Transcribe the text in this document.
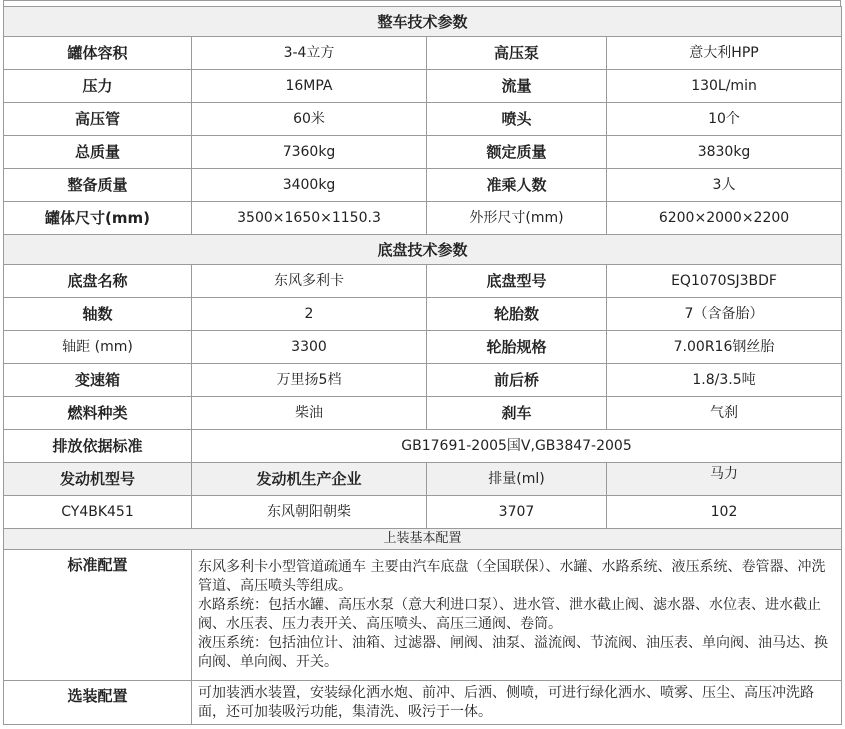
整车技术参数			
罐体容积	3-4立方	高压泵	意大利HPP
压力	16MPA	流量	130L/min
高压管	60米	喷头	10个
总质量	7360kg	额定质量	3830kg
整备质量	3400kg	准乘人数	3人
罐体尺寸(mm)	3500×1650×1150.3	外形尺寸(mm)	6200×2000×2200
底盘技术参数			
底盘名称	东风多利卡	底盘型号	EQ1070SJ3BDF
轴数	2	轮胎数	7（含备胎）
轴距 (mm)	3300	轮胎规格	7.00R16钢丝胎
变速箱	万里扬5档	前后桥	1.8/3.5吨
燃料种类	柴油	刹车	气刹
排放依据标准	GB17691-2005国Ⅴ,GB3847-2005		
发动机型号	发动机生产企业	排量(ml)	马力
CY4BK451	东风朝阳朝柴	3707	102
上装基本配置			
标准配置	东风多利卡小型管道疏通车 主要由汽车底盘（全国联保）、水罐、水路系统、液压系统、卷管器、冲洗管道、高压喷头等组成。
水路系统：包括水罐、高压水泵（意大利进口泵）、进水管、泄水截止阀、滤水器、水位表、进水截止阀、水压表、压力表开关、高压喷头、高压三通阀、卷筒。
液压系统：包括油位计、油箱、过滤器、闸阀、油泵、溢流阀、节流阀、油压表、单向阀、油马达、换向阀、单向阀、开关。		

选装配置	可加装洒水装置，安装绿化洒水炮、前冲、后洒、侧喷，可进行绿化洒水、喷雾、压尘、高压冲洗路面，还可加装吸污功能，集清洗、吸污于一体。		
